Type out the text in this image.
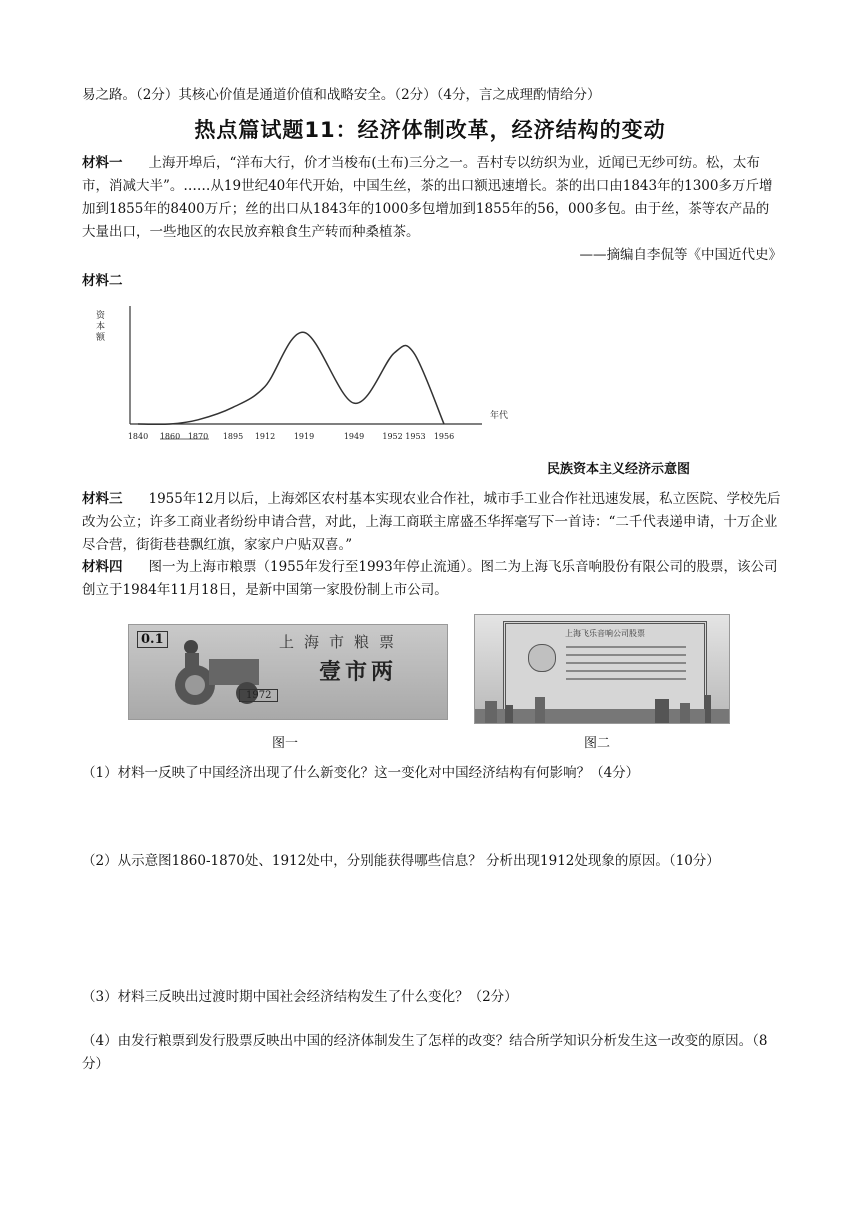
易之路。（2分）其核心价值是通道价值和战略安全。（2分）（4分，言之成理酌情给分）
热点篇试题11：经济体制改革，经济结构的变动
材料一 上海开埠后，“洋布大行，价才当梭布(土布)三分之一。吾村专以纺织为业，近闻已无纱可纺。松，太布市，消减大半”。……从19世纪40年代开始，中国生丝，茶的出口额迅速增长。茶的出口由1843年的1300多万斤增加到1855年的8400万斤；丝的出口从1843年的1000多包增加到1855年的56，000多包。由于丝，茶等农产品的大量出口，一些地区的农民放弃粮食生产转而种桑植茶。
——摘编自李侃等《中国近代史》
材料二
资本额
年代
1840 1860 1870 1895 1912 1919	1949 1952 1953 1956
民族资本主义经济示意图
材料三 1955年12月以后，上海郊区农村基本实现农业合作社，城市手工业合作社迅速发展，私立医院、学校先后改为公立；许多工商业者纷纷申请合营，对此，上海工商联主席盛丕华挥毫写下一首诗：“二千代表递申请，十万企业尽合营，街街巷巷飘红旗，家家户户贴双喜。”
材料四 图一为上海市粮票（1955年发行至1993年停止流通）。图二为上海飞乐音响股份有限公司的股票，该公司创立于1984年11月18日，是新中国第一家股份制上市公司。
0.1	上海市粮票
壹市两
1972
上海飞乐音响公司股票
图一	图二
（1）材料一反映了中国经济出现了什么新变化？这一变化对中国经济结构有何影响？（4分）
（2）从示意图1860-1870处、1912处中，分别能获得哪些信息？ 分析出现1912处现象的原因。（10分）
（3）材料三反映出过渡时期中国社会经济结构发生了什么变化？（2分）
（4）由发行粮票到发行股票反映出中国的经济体制发生了怎样的改变？结合所学知识分析发生这一改变的原因。（8分）
